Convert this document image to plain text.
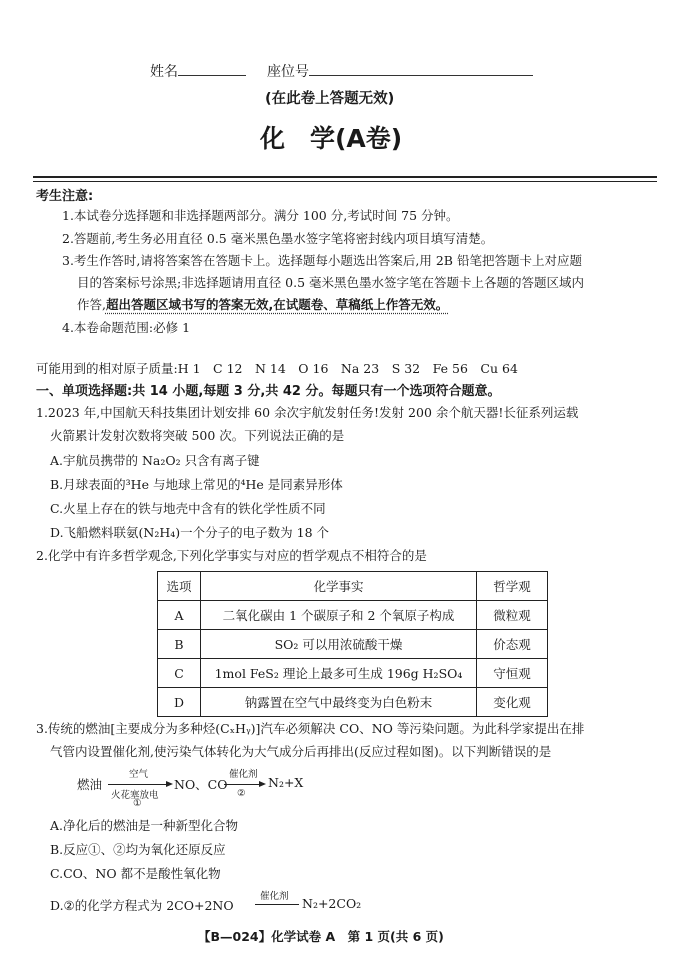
姓名	座位号
(在此卷上答题无效)
化　学(A卷)
考生注意:
1.本试卷分选择题和非选择题两部分。满分 100 分,考试时间 75 分钟。
2.答题前,考生务必用直径 0.5 毫米黑色墨水签字笔将密封线内项目填写清楚。
3.考生作答时,请将答案答在答题卡上。选择题每小题选出答案后,用 2B 铅笔把答题卡上对应题
目的答案标号涂黑;非选择题请用直径 0.5 毫米黑色墨水签字笔在答题卡上各题的答题区域内
作答,超出答题区域书写的答案无效,在试题卷、草稿纸上作答无效。
4.本卷命题范围:必修 1
可能用到的相对原子质量:H 1　C 12　N 14　O 16　Na 23　S 32　Fe 56　Cu 64
一、单项选择题:共 14 小题,每题 3 分,共 42 分。每题只有一个选项符合题意。
1.2023 年,中国航天科技集团计划安排 60 余次宇航发射任务!发射 200 余个航天器!长征系列运载
火箭累计发射次数将突破 500 次。下列说法正确的是
A.宇航员携带的 Na₂O₂ 只含有离子键
B.月球表面的³He 与地球上常见的⁴He 是同素异形体
C.火星上存在的铁与地壳中含有的铁化学性质不同
D.飞船燃料联氨(N₂H₄)一个分子的电子数为 18 个
2.化学中有许多哲学观念,下列化学事实与对应的哲学观点不相符合的是
选项	化学事实	哲学观
A	二氧化碳由 1 个碳原子和 2 个氧原子构成	微粒观
B	SO₂ 可以用浓硫酸干燥	价态观
C	1mol FeS₂ 理论上最多可生成 196g H₂SO₄	守恒观
D	钠露置在空气中最终变为白色粉末	变化观
3.传统的燃油[主要成分为多种烃(CₓHᵧ)]汽车必须解决 CO、NO 等污染问题。为此科学家提出在排
气管内设置催化剂,使污染气体转化为大气成分后再排出(反应过程如图)。以下判断错误的是
燃油
空气
火花塞放电
①
NO、CO
催化剂
②
N₂+X
A.净化后的燃油是一种新型化合物
B.反应①、②均为氧化还原反应
C.CO、NO 都不是酸性氧化物
D.②的化学方程式为 2CO+2NO
催化剂 N₂+2CO₂
【B—024】化学试卷 A　第 1 页(共 6 页)
